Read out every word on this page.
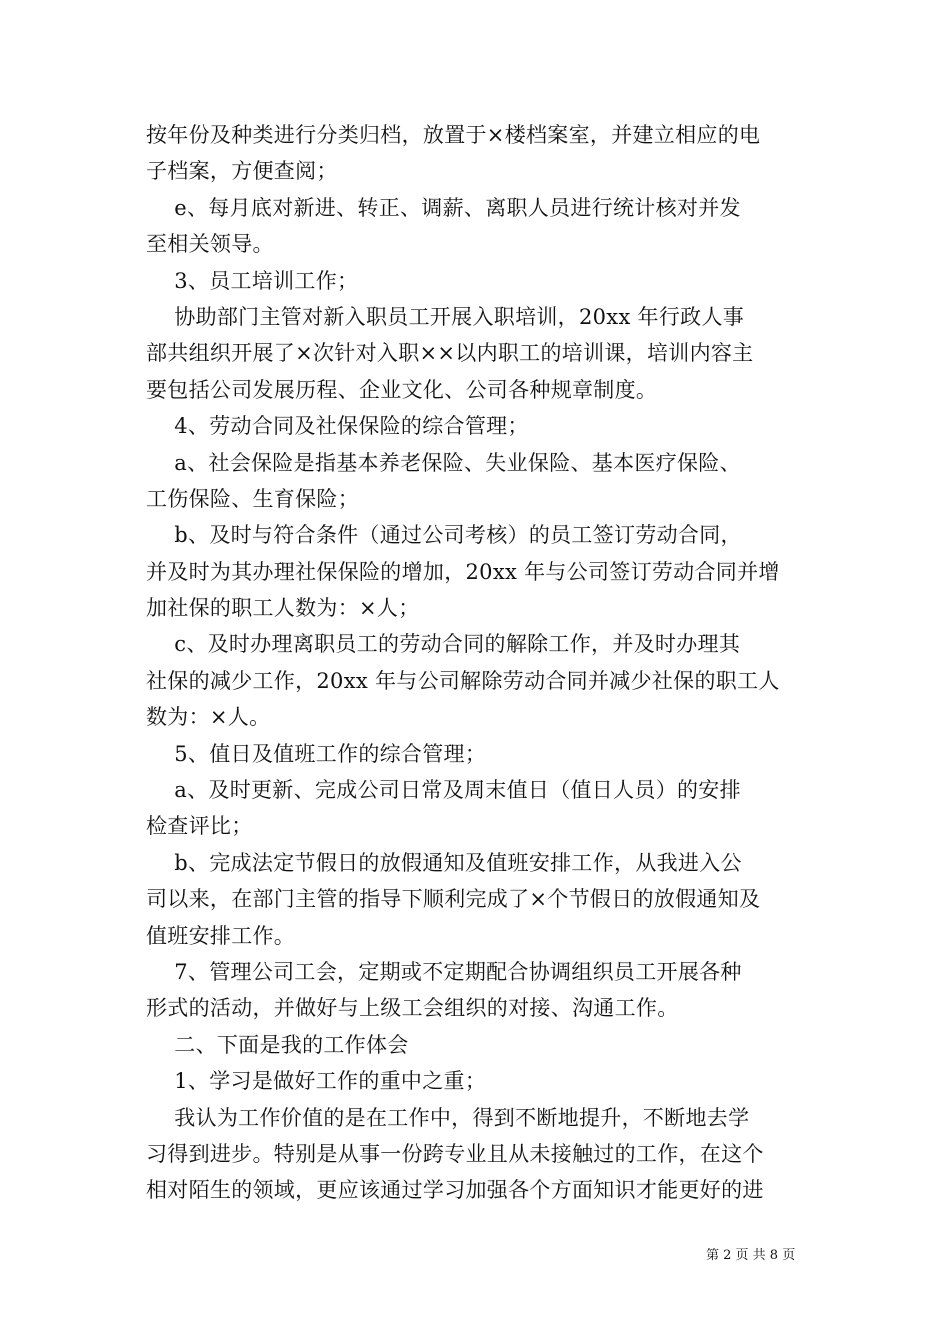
按年份及种类进行分类归档，放置于×楼档案室，并建立相应的电
子档案，方便查阅；
　 e、每月底对新进、转正、调薪、离职人员进行统计核对并发
至相关领导。
　 3、员工培训工作；
　 协助部门主管对新入职员工开展入职培训，20xx 年行政人事
部共组织开展了×次针对入职××以内职工的培训课，培训内容主
要包括公司发展历程、企业文化、公司各种规章制度。
　 4、劳动合同及社保保险的综合管理；
　 a、社会保险是指基本养老保险、失业保险、基本医疗保险、
工伤保险、生育保险；
　 b、及时与符合条件（通过公司考核）的员工签订劳动合同，
并及时为其办理社保保险的增加，20xx 年与公司签订劳动合同并增
加社保的职工人数为：×人；
　 c、及时办理离职员工的劳动合同的解除工作，并及时办理其
社保的减少工作，20xx 年与公司解除劳动合同并减少社保的职工人
数为：×人。
　 5、值日及值班工作的综合管理；
　 a、及时更新、完成公司日常及周末值日（值日人员）的安排
检查评比；
　 b、完成法定节假日的放假通知及值班安排工作，从我进入公
司以来，在部门主管的指导下顺利完成了×个节假日的放假通知及
值班安排工作。
　 7、管理公司工会，定期或不定期配合协调组织员工开展各种
形式的活动，并做好与上级工会组织的对接、沟通工作。
　 二、下面是我的工作体会
　 1、学习是做好工作的重中之重；
　 我认为工作价值的是在工作中，得到不断地提升，不断地去学
习得到进步。特别是从事一份跨专业且从未接触过的工作，在这个
相对陌生的领域，更应该通过学习加强各个方面知识才能更好的进
第 2 页 共 8 页
